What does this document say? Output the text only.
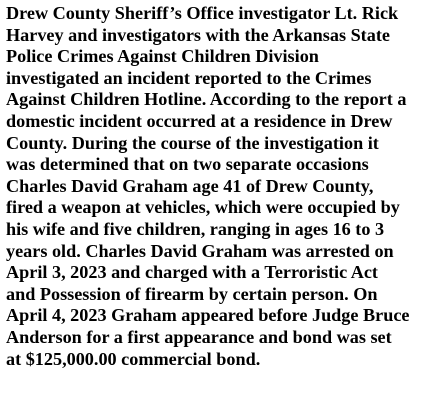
Drew County Sheriff’s Office investigator Lt. Rick
Harvey and investigators with the Arkansas State
Police Crimes Against Children Division
investigated an incident reported to the Crimes
Against Children Hotline. According to the report a
domestic incident occurred at a residence in Drew
County. During the course of the investigation it
was determined that on two separate occasions
Charles David Graham age 41 of Drew County,
fired a weapon at vehicles, which were occupied by
his wife and five children, ranging in ages 16 to 3
years old. Charles David Graham was arrested on
April 3, 2023 and charged with a Terroristic Act
and Possession of firearm by certain person. On
April 4, 2023 Graham appeared before Judge Bruce
Anderson for a first appearance and bond was set
at $125,000.00 commercial bond.
